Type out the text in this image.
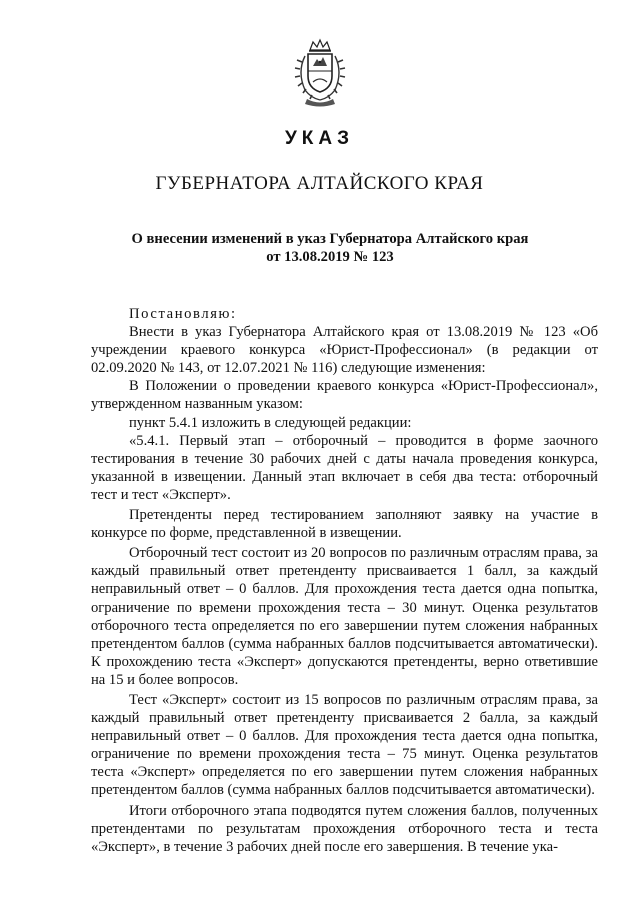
УКАЗ
ГУБЕРНАТОРА АЛТАЙСКОГО КРАЯ
О внесении изменений в указ Губернатора Алтайского края
от 13.08.2019 № 123

Постановляю:

Внести в указ Губернатора Алтайского края от 13.08.2019 № 123 «Об учреждении краевого конкурса «Юрист-Профессионал» (в редакции от 02.09.2020 № 143, от 12.07.2021 № 116) следующие изменения:

В Положении о проведении краевого конкурса «Юрист-Профессионал», утвержденном названным указом:

пункт 5.4.1 изложить в следующей редакции:

«5.4.1. Первый этап – отборочный – проводится в форме заочного тестирования в течение 30 рабочих дней с даты начала проведения конкурса, указанной в извещении. Данный этап включает в себя два теста: отборочный тест и тест «Эксперт».

Претенденты перед тестированием заполняют заявку на участие в конкурсе по форме, представленной в извещении.

Отборочный тест состоит из 20 вопросов по различным отраслям права, за каждый правильный ответ претенденту присваивается 1 балл, за каждый неправильный ответ – 0 баллов. Для прохождения теста дается одна попытка, ограничение по времени прохождения теста – 30 минут. Оценка результатов отборочного теста определяется по его завершении путем сложения набранных претендентом баллов (сумма набранных баллов подсчитывается автоматически). К прохождению теста «Эксперт» допускаются претенденты, верно ответившие на 15 и более вопросов.

Тест «Эксперт» состоит из 15 вопросов по различным отраслям права, за каждый правильный ответ претенденту присваивается 2 балла, за каждый неправильный ответ – 0 баллов. Для прохождения теста дается одна попытка, ограничение по времени прохождения теста – 75 минут. Оценка результатов теста «Эксперт» определяется по его завершении путем сложения набранных претендентом баллов (сумма набранных баллов подсчитывается автоматически).

Итоги отборочного этапа подводятся путем сложения баллов, полученных претендентами по результатам прохождения отборочного теста и теста «Эксперт», в течение 3 рабочих дней после его завершения. В течение ука-
